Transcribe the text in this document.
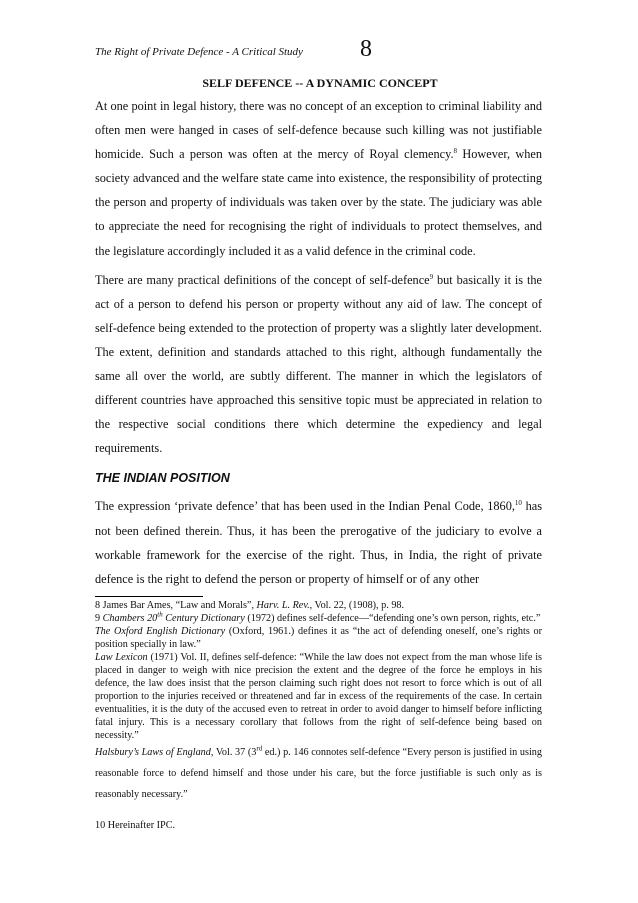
The Right of Private Defence - A Critical Study 8
SELF DEFENCE -- A DYNAMIC CONCEPT

At one point in legal history, there was no concept of an exception to criminal liability and often men were hanged in cases of self-defence because such killing was not justifiable homicide. Such a person was often at the mercy of Royal clemency.$^8$ However, when society advanced and the welfare state came into existence, the responsibility of protecting the person and property of individuals was taken over by the state. The judiciary was able to appreciate the need for recognising the right of individuals to protect themselves, and the legislature accordingly included it as a valid defence in the criminal code.

There are many practical definitions of the concept of self-defence$^9$ but basically it is the act of a person to defend his person or property without any aid of law. The concept of self-defence being extended to the protection of property was a slightly later development. The extent, definition and standards attached to this right, although fundamentally the same all over the world, are subtly different. The manner in which the legislators of different countries have approached this sensitive topic must be appreciated in relation to the respective social conditions there which determine the expediency and legal requirements.

THE INDIAN POSITION

The expression ‘private defence’ that has been used in the Indian Penal Code, 1860,10 has not been defined therein. Thus, it has been the prerogative of the judiciary to evolve a workable framework for the exercise of the right. Thus, in India, the right of private defence is the right to defend the person or property of himself or of any other

8 James Bar Ames, “Law and Morals”, Harv. L. Rev., Vol. 22, (1908), p. 98.

9 Chambers 20th Century Dictionary (1972) defines self-defence—“defending one’s own person, rights, etc.”

The Oxford English Dictionary (Oxford, 1961.) defines it as “the act of defending oneself, one’s rights or position specially in law.”

Law Lexicon (1971) Vol. II, defines self-defence: “While the law does not expect from the man whose life is placed in danger to weigh with nice precision the extent and the degree of the force he employs in his defence, the law does insist that the person claiming such right does not resort to force which is out of all proportion to the injuries received or threatened and far in excess of the requirements of the case. In certain eventualities, it is the duty of the accused even to retreat in order to avoid danger to himself before inflicting fatal injury. This is a necessary corollary that follows from the right of self-defence being based on necessity.”

Halsbury’s Laws of England, Vol. 37 (3rd ed.) p. 146 connotes self-defence “Every person is justified in using reasonable force to defend himself and those under his care, but the force justifiable is such only as is reasonably necessary.”

10 Hereinafter IPC.
